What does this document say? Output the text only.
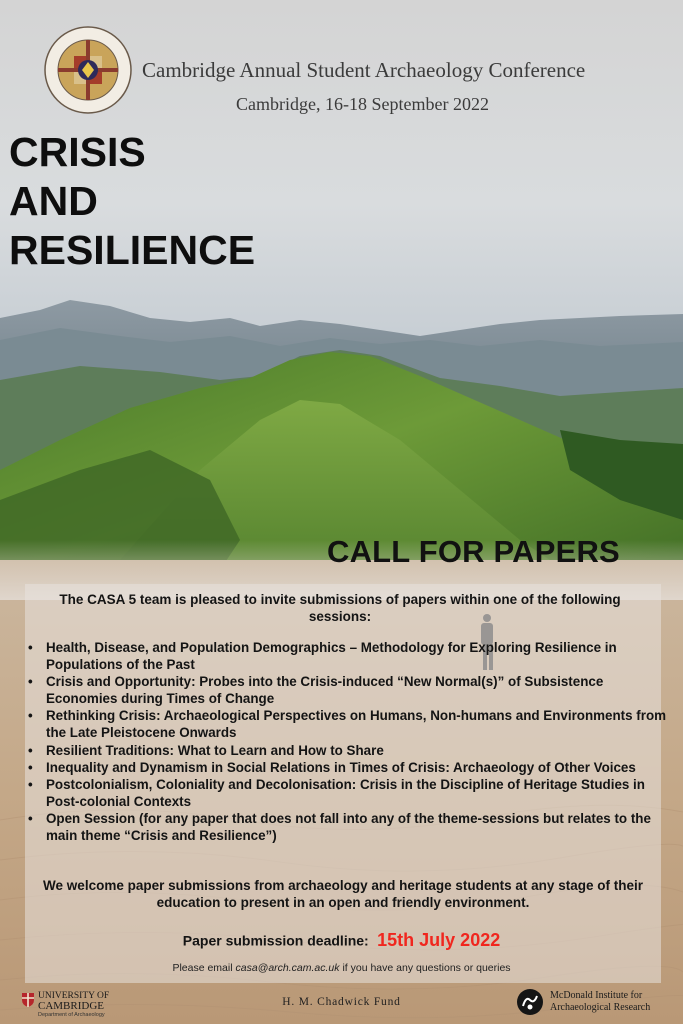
Cambridge Annual Student Archaeology Conference
Cambridge, 16-18 September 2022
CRISIS
AND
RESILIENCE
CALL FOR PAPERS
The CASA 5 team is pleased to invite submissions of papers within one of the following sessions:
• Health, Disease, and Population Demographics – Methodology for Exploring Resilience in Populations of the Past
• Crisis and Opportunity: Probes into the Crisis-induced “New Normal(s)” of Subsistence Economies during Times of Change
• Rethinking Crisis: Archaeological Perspectives on Humans, Non-humans and Environments from the Late Pleistocene Onwards
• Resilient Traditions: What to Learn and How to Share
• Inequality and Dynamism in Social Relations in Times of Crisis: Archaeology of Other Voices
• Postcolonialism, Coloniality and Decolonisation: Crisis in the Discipline of Heritage Studies in Post-colonial Contexts
• Open Session (for any paper that does not fall into any of the theme-sessions but relates to the main theme “Crisis and Resilience”)
We welcome paper submissions from archaeology and heritage students at any stage of their education to present in an open and friendly environment.
Paper submission deadline: 15th July 2022
Please email casa@arch.cam.ac.uk if you have any questions or queries
UNIVERSITY OF
CAMBRIDGE
Department of Archaeology
H. M. Chadwick Fund
McDonald Institute for
Archaeological Research
